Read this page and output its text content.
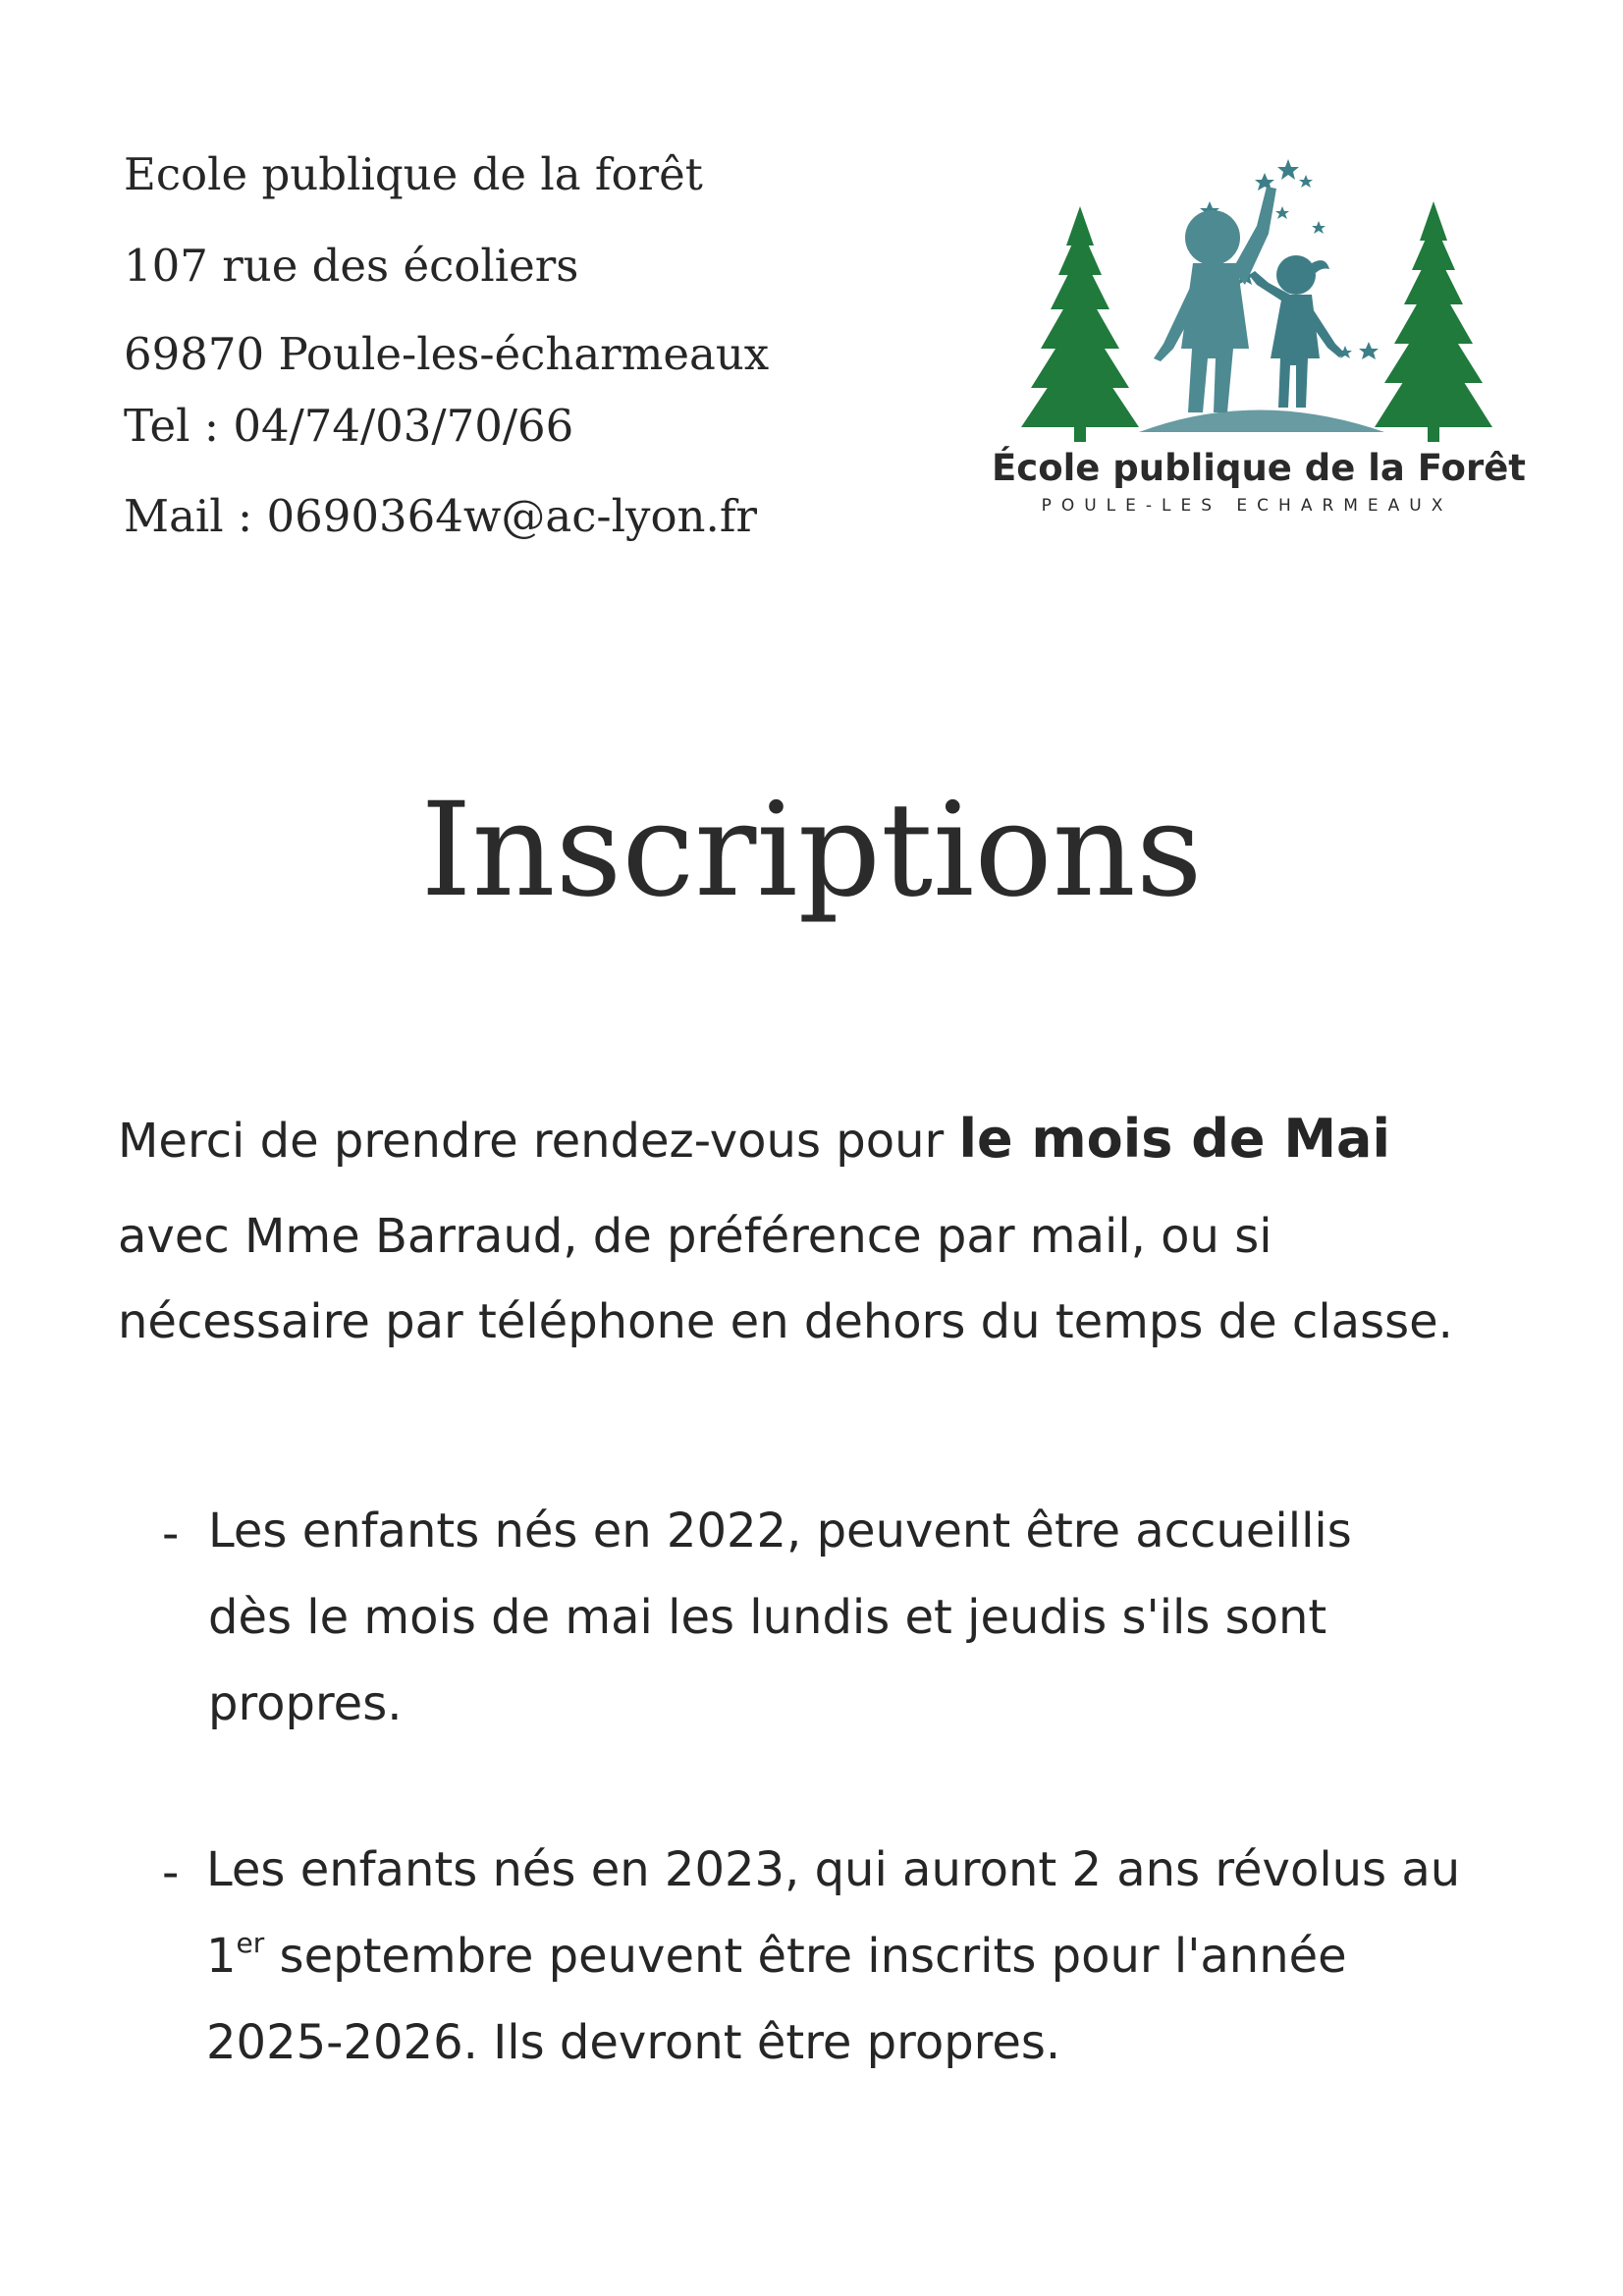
Ecole publique de la forêt
107 rue des écoliers
69870 Poule-les-écharmeaux
Tel : 04/74/03/70/66
Mail : 0690364w@ac-lyon.fr
École publique de la Forêt
POULE-LES ECHARMEAUX
Inscriptions
Merci de prendre rendez-vous pour le mois de Mai
avec Mme Barraud, de préférence par mail, ou si
nécessaire par téléphone en dehors du temps de classe.
- Les enfants nés en 2022, peuvent être accueillis
dès le mois de mai les lundis et jeudis s'ils sont
propres.
- Les enfants nés en 2023, qui auront 2 ans révolus au
1er septembre peuvent être inscrits pour l'année
2025-2026. Ils devront être propres.
